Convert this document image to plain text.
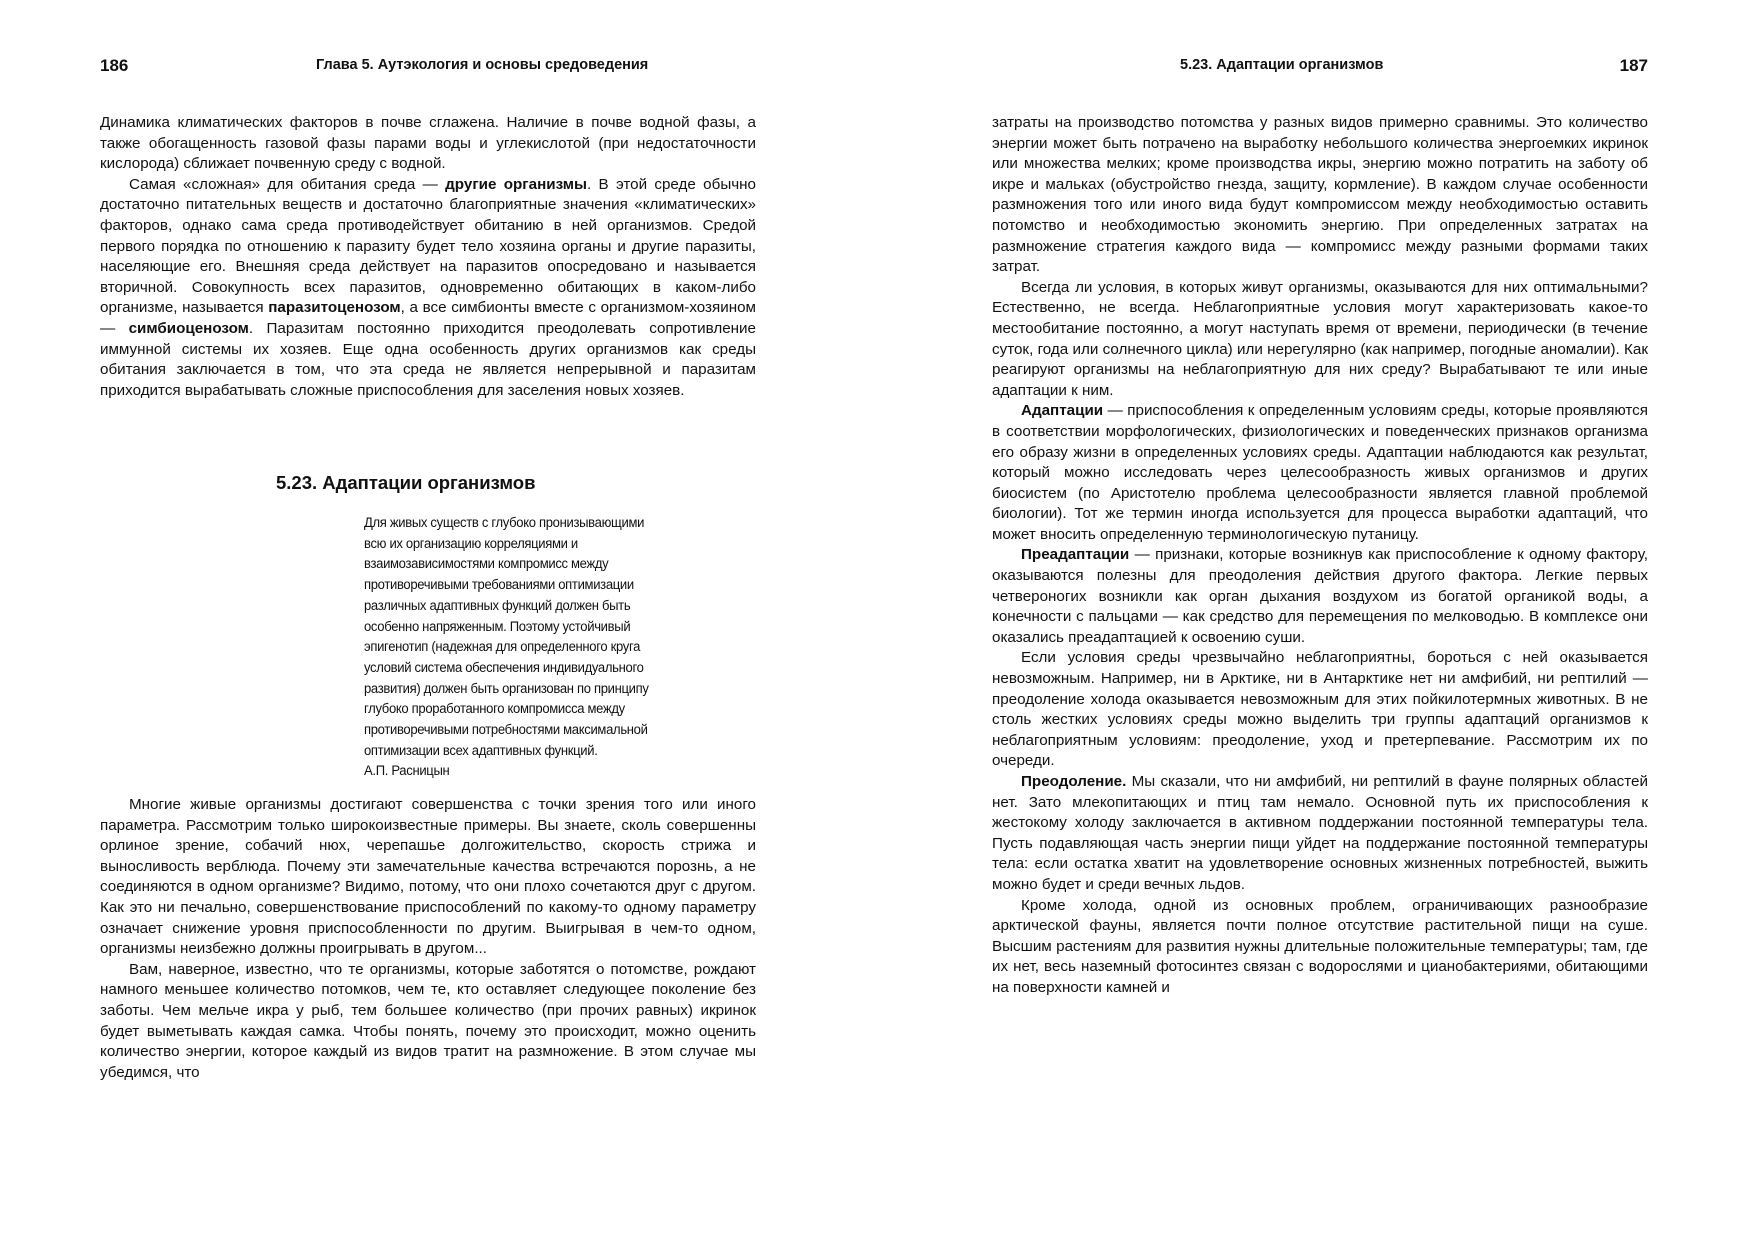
186	Глава 5. Аутэкология и основы средоведения

Динамика климатических факторов в почве сглажена. Наличие в почве водной фазы, а также обогащенность газовой фазы парами воды и углекислотой (при недостаточности кислорода) сближает почвенную среду с водной.

Самая «сложная» для обитания среда — другие организмы. В этой среде обычно достаточно питательных веществ и достаточно благоприятные значения «климатических» факторов, однако сама среда противодействует обитанию в ней организмов. Средой первого порядка по отношению к паразиту будет тело хозяина органы и другие паразиты, населяющие его. Внешняя среда действует на паразитов опосредовано и называется вторичной. Совокупность всех паразитов, одновременно обитающих в каком-либо организме, называется паразитоценозом, а все симбионты вместе с организмом-хозяином — симбиоценозом. Паразитам постоянно приходится преодолевать сопротивление иммунной системы их хозяев. Еще одна особенность других организмов как среды обитания заключается в том, что эта среда не является непрерывной и паразитам приходится вырабатывать сложные приспособления для заселения новых хозяев.

5.23. Адаптации организмов
Для живых существ с глубоко пронизывающими
всю их организацию корреляциями и
взаимозависимостями компромисс между
противоречивыми требованиями оптимизации
различных адаптивных функций должен быть
особенно напряженным. Поэтому устойчивый
эпигенотип (надежная для определенного круга
условий система обеспечения индивидуального
развития) должен быть организован по принципу
глубоко проработанного компромисса между
противоречивыми потребностями максимальной
оптимизации всех адаптивных функций.
А.П. Расницын

Многие живые организмы достигают совершенства с точки зрения того или иного параметра. Рассмотрим только широкоизвестные примеры. Вы знаете, сколь совершенны орлиное зрение, собачий нюх, черепашье долгожительство, скорость стрижа и выносливость верблюда. Почему эти замечательные качества встречаются порознь, а не соединяются в одном организме? Видимо, потому, что они плохо сочетаются друг с другом. Как это ни печально, совершенствование приспособлений по какому-то одному параметру означает снижение уровня приспособленности по другим. Выигрывая в чем-то одном, организмы неизбежно должны проигрывать в другом...

Вам, наверное, известно, что те организмы, которые заботятся о потомстве, рождают намного меньшее количество потомков, чем те, кто оставляет следующее поколение без заботы. Чем мельче икра у рыб, тем большее количество (при прочих равных) икринок будет выметывать каждая самка. Чтобы понять, почему это происходит, можно оценить количество энергии, которое каждый из видов тратит на размножение. В этом случае мы убедимся, что

5.23. Адаптации организмов	187

затраты на производство потомства у разных видов примерно сравнимы. Это количество энергии может быть потрачено на выработку небольшого количества энергоемких икринок или множества мелких; кроме производства икры, энергию можно потратить на заботу об икре и мальках (обустройство гнезда, защиту, кормление). В каждом случае особенности размножения того или иного вида будут компромиссом между необходимостью оставить потомство и необходимостью экономить энергию. При определенных затратах на размножение стратегия каждого вида — компромисс между разными формами таких затрат.

Всегда ли условия, в которых живут организмы, оказываются для них оптимальными? Естественно, не всегда. Неблагоприятные условия могут характеризовать какое-то местообитание постоянно, а могут наступать время от времени, периодически (в течение суток, года или солнечного цикла) или нерегулярно (как например, погодные аномалии). Как реагируют организмы на неблагоприятную для них среду? Вырабатывают те или иные адаптации к ним.

Адаптации — приспособления к определенным условиям среды, которые проявляются в соответствии морфологических, физиологических и поведенческих признаков организма его образу жизни в определенных условиях среды. Адаптации наблюдаются как результат, который можно исследовать через целесообразность живых организмов и других биосистем (по Аристотелю проблема целесообразности является главной проблемой биологии). Тот же термин иногда используется для процесса выработки адаптаций, что может вносить определенную терминологическую путаницу.

Преадаптации — признаки, которые возникнув как приспособление к одному фактору, оказываются полезны для преодоления действия другого фактора. Легкие первых четвероногих возникли как орган дыхания воздухом из богатой органикой воды, а конечности с пальцами — как средство для перемещения по мелководью. В комплексе они оказались преадаптацией к освоению суши.

Если условия среды чрезвычайно неблагоприятны, бороться с ней оказывается невозможным. Например, ни в Арктике, ни в Антарктике нет ни амфибий, ни рептилий — преодоление холода оказывается невозможным для этих пойкилотермных животных. В не столь жестких условиях среды можно выделить три группы адаптаций организмов к неблагоприятным условиям: преодоление, уход и претерпевание. Рассмотрим их по очереди.

Преодоление. Мы сказали, что ни амфибий, ни рептилий в фауне полярных областей нет. Зато млекопитающих и птиц там немало. Основной путь их приспособления к жестокому холоду заключается в активном поддержании постоянной температуры тела. Пусть подавляющая часть энергии пищи уйдет на поддержание постоянной температуры тела: если остатка хватит на удовлетворение основных жизненных потребностей, выжить можно будет и среди вечных льдов.

Кроме холода, одной из основных проблем, ограничивающих разнообразие арктической фауны, является почти полное отсутствие растительной пищи на суше. Высшим растениям для развития нужны длительные положительные температуры; там, где их нет, весь наземный фотосинтез связан с водорослями и цианобактериями, обитающими на поверхности камней и
